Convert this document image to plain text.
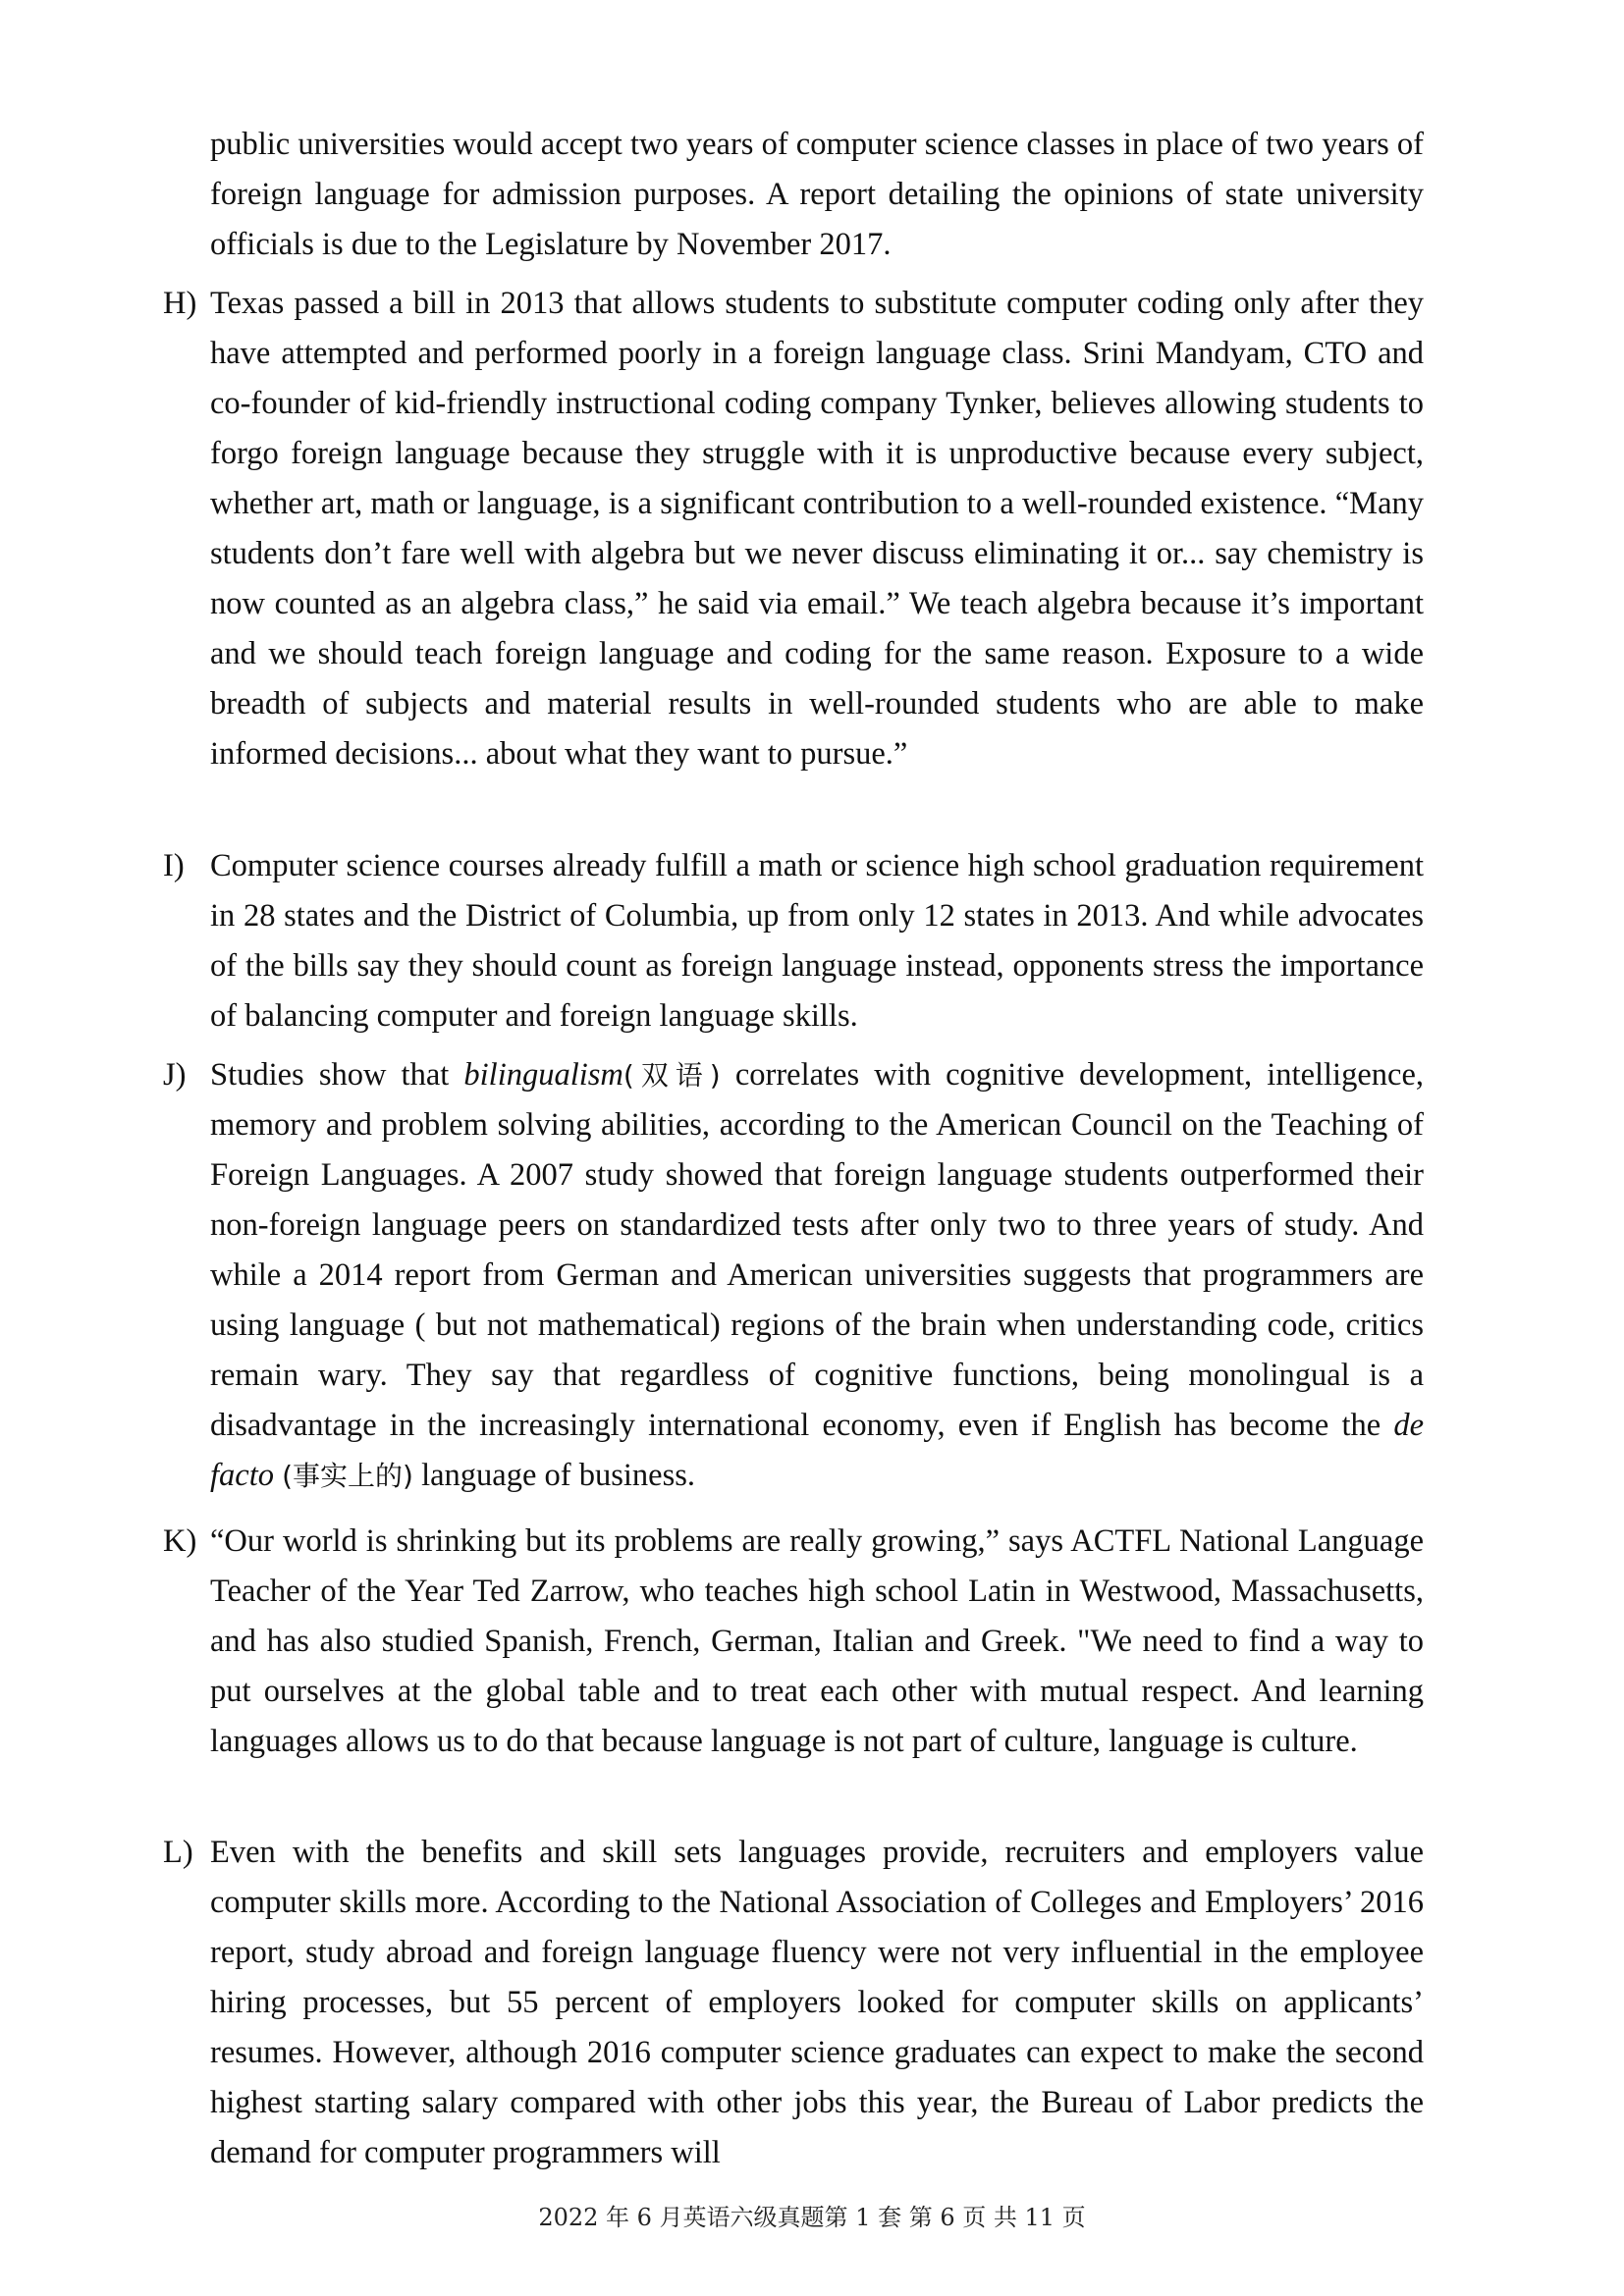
public universities would accept two years of computer science classes in place of two years of foreign language for admission purposes. A report detailing the opinions of state university officials is due to the Legislature by November 2017.
H) Texas passed a bill in 2013 that allows students to substitute computer coding only after they have attempted and performed poorly in a foreign language class. Srini Mandyam, CTO and co-founder of kid-friendly instructional coding company Tynker, believes allowing students to forgo foreign language because they struggle with it is unproductive because every subject, whether art, math or language, is a significant contribution to a well-rounded existence. “Many students don’t fare well with algebra but we never discuss eliminating it or... say chemistry is now counted as an algebra class,” he said via email.” We teach algebra because it’s important and we should teach foreign language and coding for the same reason. Exposure to a wide breadth of subjects and material results in well-rounded students who are able to make informed decisions... about what they want to pursue.”
I) Computer science courses already fulfill a math or science high school graduation requirement in 28 states and the District of Columbia, up from only 12 states in 2013. And while advocates of the bills say they should count as foreign language instead, opponents stress the importance of balancing computer and foreign language skills.
J) Studies show that bilingualism(双语) correlates with cognitive development, intelligence, memory and problem solving abilities, according to the American Council on the Teaching of Foreign Languages. A 2007 study showed that foreign language students outperformed their non-foreign language peers on standardized tests after only two to three years of study. And while a 2014 report from German and American universities suggests that programmers are using language ( but not mathematical) regions of the brain when understanding code, critics remain wary. They say that regardless of cognitive functions, being monolingual is a disadvantage in the increasingly international economy, even if English has become the de facto (事实上的) language of business.
K) “Our world is shrinking but its problems are really growing,” says ACTFL National Language Teacher of the Year Ted Zarrow, who teaches high school Latin in Westwood, Massachusetts, and has also studied Spanish, French, German, Italian and Greek. "We need to find a way to put ourselves at the global table and to treat each other with mutual respect. And learning languages allows us to do that because language is not part of culture, language is culture.
L) Even with the benefits and skill sets languages provide, recruiters and employers value computer skills more. According to the National Association of Colleges and Employers’ 2016 report, study abroad and foreign language fluency were not very influential in the employee hiring processes, but 55 percent of employers looked for computer skills on applicants’ resumes. However, although 2016 computer science graduates can expect to make the second highest starting salary compared with other jobs this year, the Bureau of Labor predicts the demand for computer programmers will
2022 年 6 月英语六级真题第 1 套 第 6 页 共 11 页
